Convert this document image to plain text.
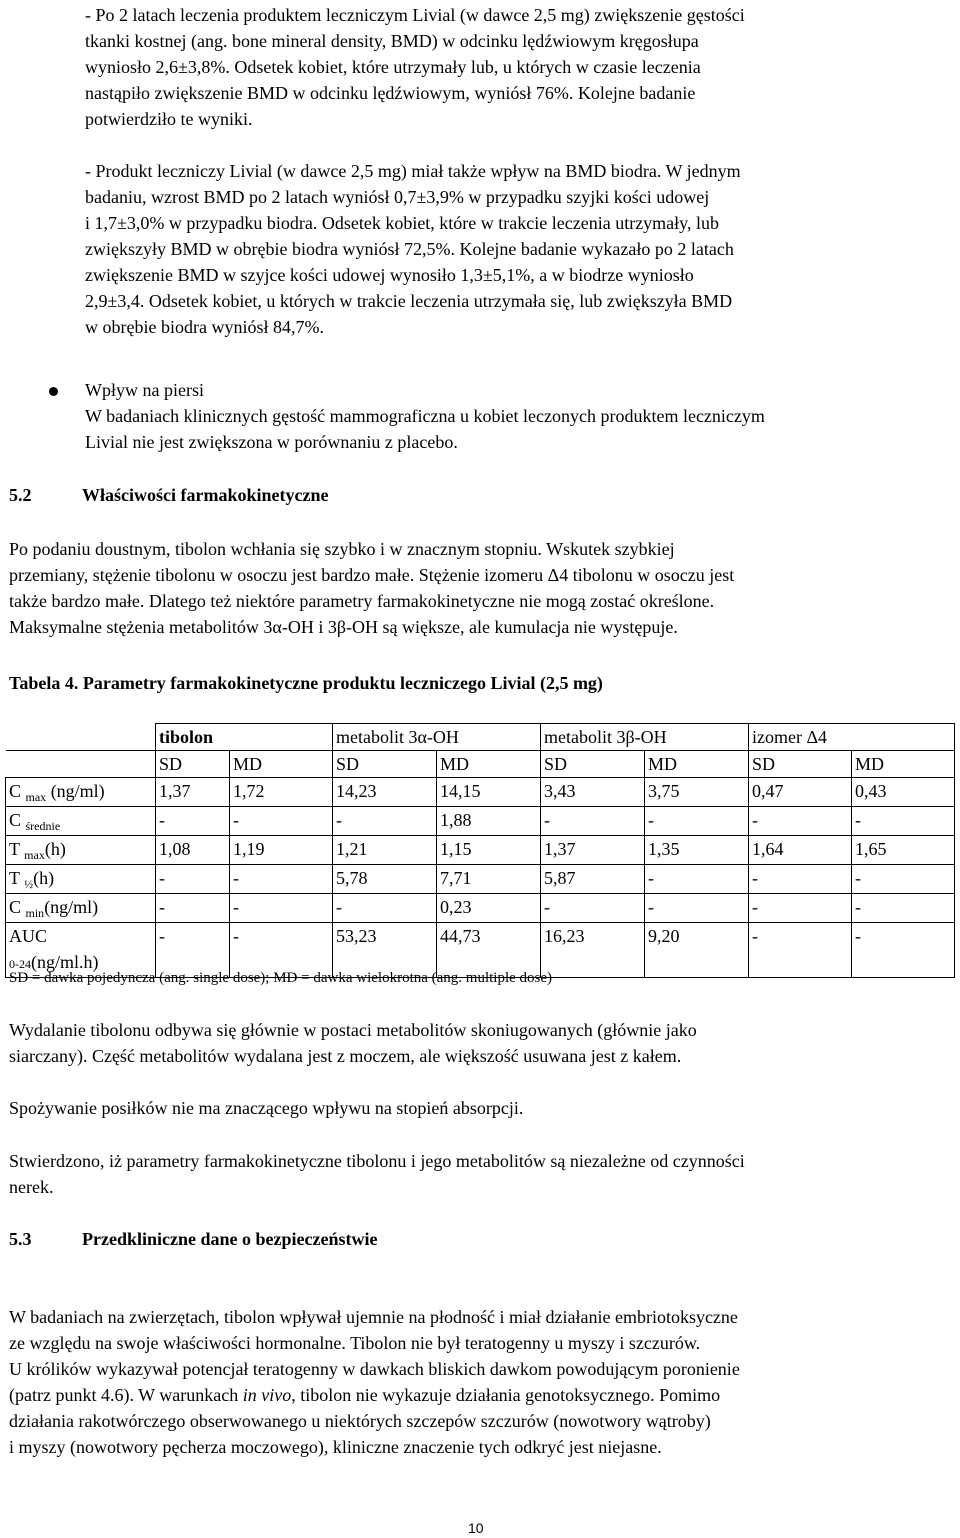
- Po 2 latach leczenia produktem leczniczym Livial (w dawce 2,5 mg) zwiększenie gęstości
tkanki kostnej (ang. bone mineral density, BMD) w odcinku lędźwiowym kręgosłupa
wyniosło 2,6±3,8%. Odsetek kobiet, które utrzymały lub, u których w czasie leczenia
nastąpiło zwiększenie BMD w odcinku lędźwiowym, wyniósł 76%. Kolejne badanie
potwierdziło te wyniki.
- Produkt leczniczy Livial (w dawce 2,5 mg) miał także wpływ na BMD biodra. W jednym
badaniu, wzrost BMD po 2 latach wyniósł 0,7±3,9% w przypadku szyjki kości udowej
i 1,7±3,0% w przypadku biodra. Odsetek kobiet, które w trakcie leczenia utrzymały, lub
zwiększyły BMD w obrębie biodra wyniósł 72,5%. Kolejne badanie wykazało po 2 latach
zwiększenie BMD w szyjce kości udowej wynosiło 1,3±5,1%, a w biodrze wyniosło
2,9±3,4. Odsetek kobiet, u których w trakcie leczenia utrzymała się, lub zwiększyła BMD
w obrębie biodra wyniósł 84,7%.
Wpływ na piersi
W badaniach klinicznych gęstość mammograficzna u kobiet leczonych produktem leczniczym
Livial nie jest zwiększona w porównaniu z placebo.
5.2	Właściwości farmakokinetyczne
Po podaniu doustnym, tibolon wchłania się szybko i w znacznym stopniu. Wskutek szybkiej
przemiany, stężenie tibolonu w osoczu jest bardzo małe. Stężenie izomeru Δ4 tibolonu w osoczu jest
także bardzo małe. Dlatego też niektóre parametry farmakokinetyczne nie mogą zostać określone.
Maksymalne stężenia metabolitów 3α-OH i 3β-OH są większe, ale kumulacja nie występuje.
Tabela 4. Parametry farmakokinetyczne produktu leczniczego Livial (2,5 mg)
	tibolon		metabolit 3α-OH		metabolit 3β-OH		izomer Δ4	
	SD	MD	SD	MD	SD	MD	SD	MD
C $_{max}$ (ng/ml)	1,37	1,72	14,23	14,15	3,43	3,75	0,47	0,43
C $_{średnie}$	-	-	-	1,88	-	-	-	-
T $_{max}$(h)	1,08	1,19	1,21	1,15	1,37	1,35	1,64	1,65
T $_{\frac{1}{2}}$(h)	-	-	5,78	7,71	5,87	-	-	-
C $_{min}$(ng/ml)	-	-	-	0,23	-	-	-	-
AUC
0-24(ng/ml.h)	-	-	53,23	44,73	16,23	9,20	-	-
SD = dawka pojedyncza (ang. single dose); MD = dawka wielokrotna (ang. multiple dose)
Wydalanie tibolonu odbywa się głównie w postaci metabolitów skoniugowanych (głównie jako
siarczany). Część metabolitów wydalana jest z moczem, ale większość usuwana jest z kałem.
Spożywanie posiłków nie ma znaczącego wpływu na stopień absorpcji.
Stwierdzono, iż parametry farmakokinetyczne tibolonu i jego metabolitów są niezależne od czynności
nerek.
5.3	Przedkliniczne dane o bezpieczeństwie
W badaniach na zwierzętach, tibolon wpływał ujemnie na płodność i miał działanie embriotoksyczne
ze względu na swoje właściwości hormonalne. Tibolon nie był teratogenny u myszy i szczurów.
U królików wykazywał potencjał teratogenny w dawkach bliskich dawkom powodującym poronienie
(patrz punkt 4.6). W warunkach in vivo, tibolon nie wykazuje działania genotoksycznego. Pomimo
działania rakotwórczego obserwowanego u niektórych szczepów szczurów (nowotwory wątroby)
i myszy (nowotwory pęcherza moczowego), kliniczne znaczenie tych odkryć jest niejasne.
10
